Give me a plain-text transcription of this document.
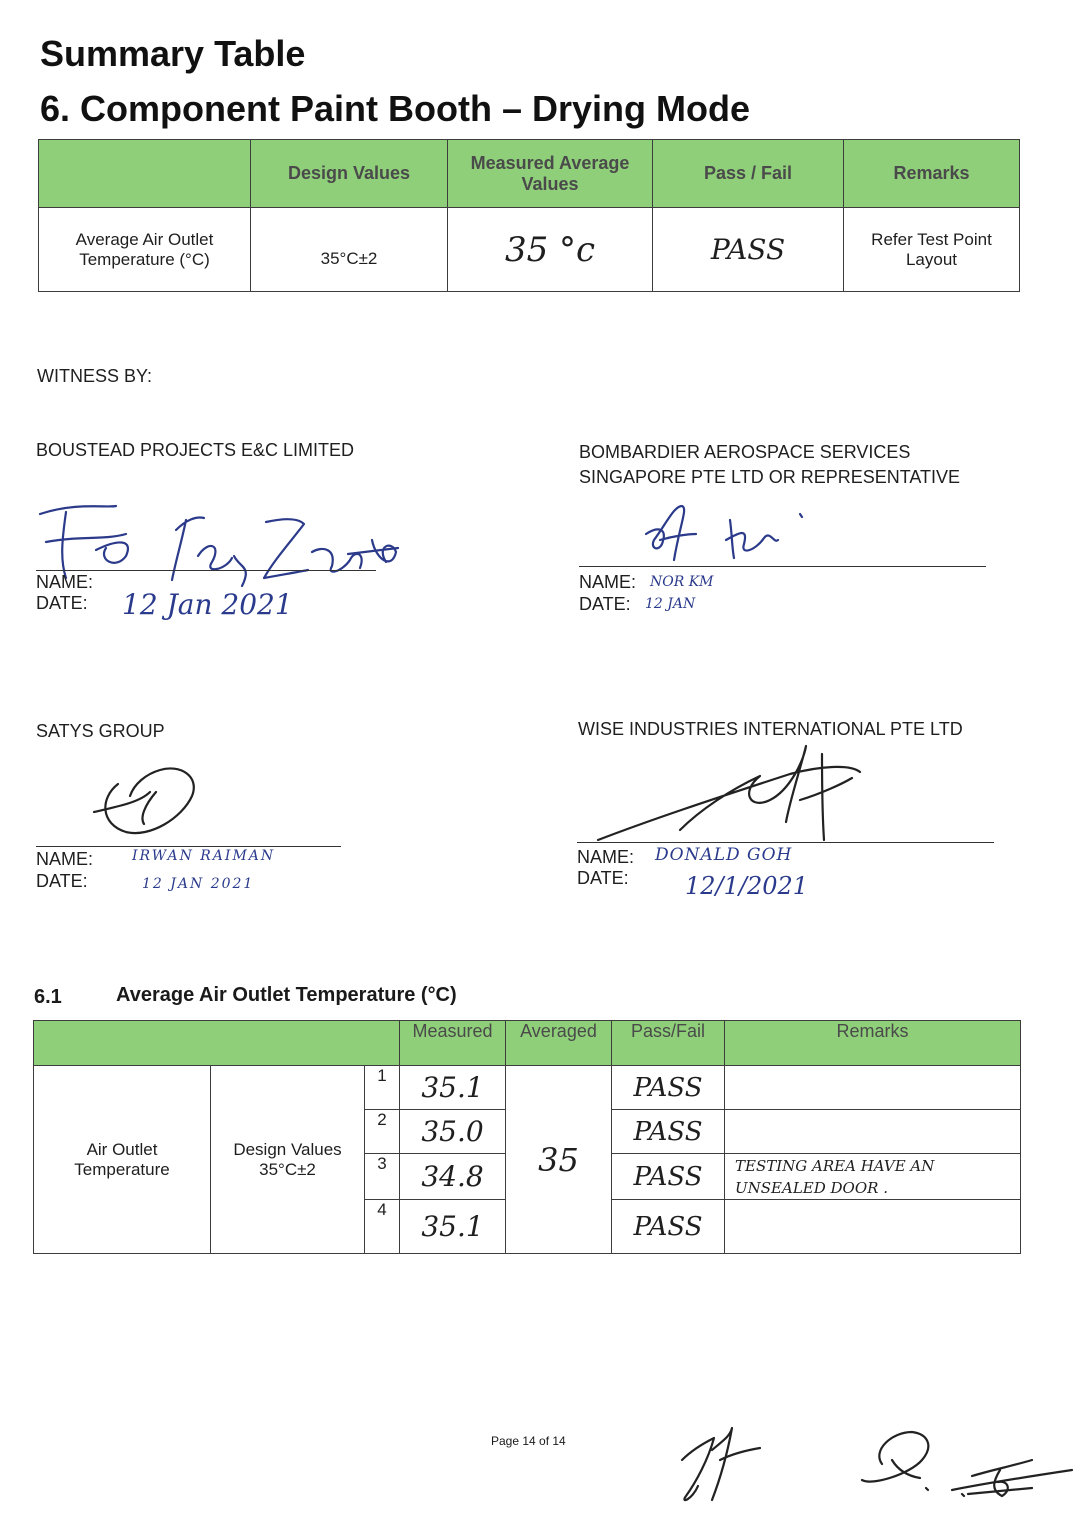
Summary Table
6. Component Paint Booth – Drying Mode
	Design Values	Measured Average Values	Pass / Fail	Remarks
Average Air Outlet Temperature (°C)	35°C±2	35 °c	PASS	Refer Test Point Layout
WITNESS BY:
BOUSTEAD PROJECTS E&C LIMITED
NAME:
DATE: 12 Jan 2021
BOMBARDIER AEROSPACE SERVICES SINGAPORE PTE LTD OR REPRESENTATIVE
NAME: NOR KM
DATE: 12 JAN
SATYS GROUP
NAME:	IRWAN RAIMAN
DATE:	12 JAN 2021
WISE INDUSTRIES INTERNATIONAL PTE LTD
NAME: DONALD GOH
DATE: 12/1/2021
6.1	Average Air Outlet Temperature (°C)
			Measured	Averaged	Pass/Fail	Remarks
Air Outlet Temperature	Design Values 35°C±2	1	35.1	35	PASS	
		2	35.0		PASS	
		3	34.8		PASS	TESTING AREA HAVE AN UNSEALED DOOR .
		4	35.1		PASS	
Page 14 of 14
